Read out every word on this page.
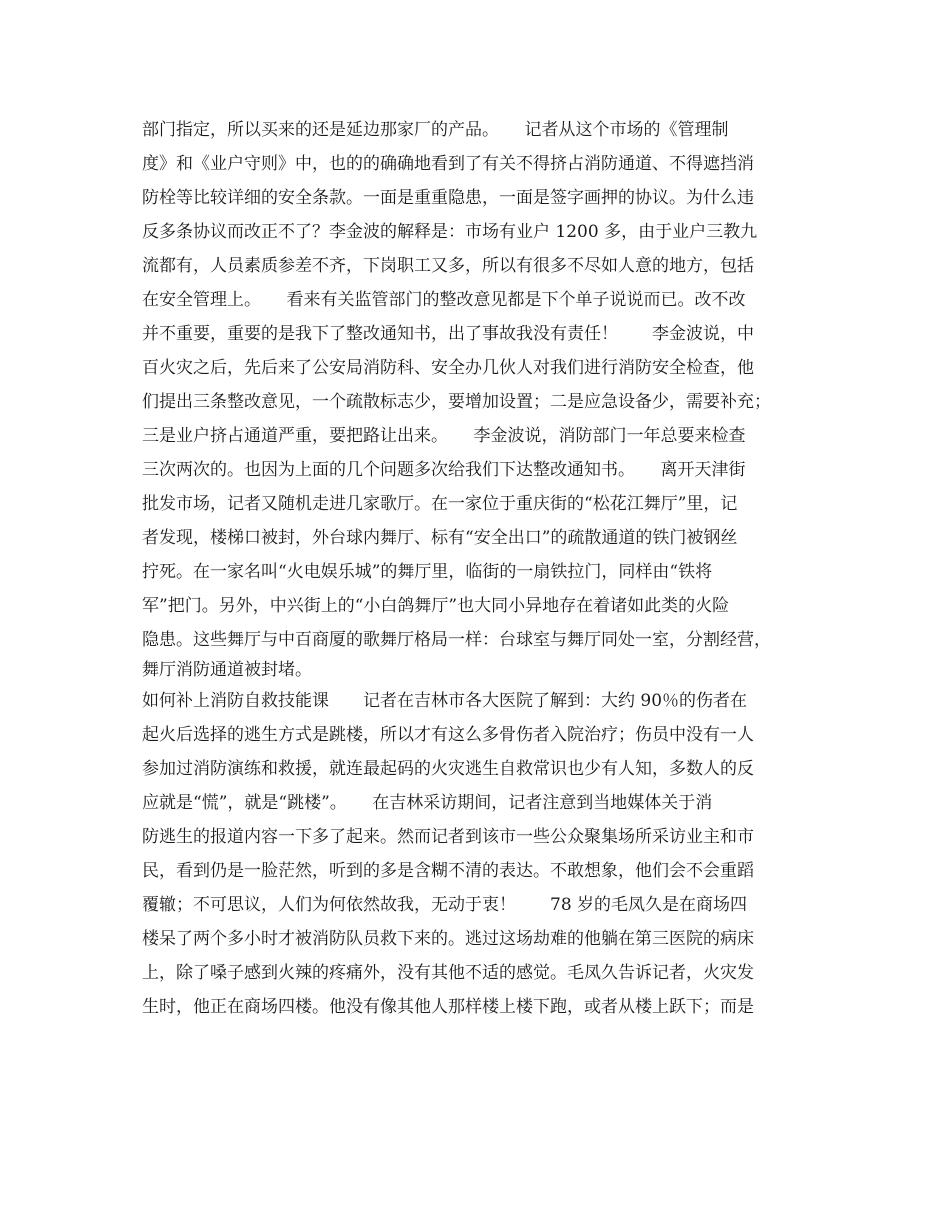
部门指定，所以买来的还是延边那家厂的产品。　　记者从这个市场的《管理制
度》和《业户守则》中，也的的确确地看到了有关不得挤占消防通道、不得遮挡消
防栓等比较详细的安全条款。一面是重重隐患，一面是签字画押的协议。为什么违
反多条协议而改正不了？李金波的解释是：市场有业户 1200 多，由于业户三教九
流都有，人员素质参差不齐，下岗职工又多，所以有很多不尽如人意的地方，包括
在安全管理上。　　看来有关监管部门的整改意见都是下个单子说说而已。改不改
并不重要，重要的是我下了整改通知书，出了事故我没有责任！　　李金波说，中
百火灾之后，先后来了公安局消防科、安全办几伙人对我们进行消防安全检查，他
们提出三条整改意见，一个疏散标志少，要增加设置；二是应急设备少，需要补充；
三是业户挤占通道严重，要把路让出来。　　李金波说，消防部门一年总要来检查
三次两次的。也因为上面的几个问题多次给我们下达整改通知书。　　离开天津街
批发市场，记者又随机走进几家歌厅。在一家位于重庆街的“松花江舞厅”里，记
者发现，楼梯口被封，外台球内舞厅、标有“安全出口”的疏散通道的铁门被钢丝
拧死。在一家名叫“火电娱乐城”的舞厅里，临街的一扇铁拉门，同样由“铁将
军”把门。另外，中兴街上的“小白鸽舞厅”也大同小异地存在着诸如此类的火险
隐患。这些舞厅与中百商厦的歌舞厅格局一样：台球室与舞厅同处一室，分割经营，
舞厅消防通道被封堵。
如何补上消防自救技能课　　记者在吉林市各大医院了解到：大约 90％的伤者在
起火后选择的逃生方式是跳楼，所以才有这么多骨伤者入院治疗；伤员中没有一人
参加过消防演练和救援，就连最起码的火灾逃生自救常识也少有人知，多数人的反
应就是“慌”，就是“跳楼”。　　在吉林采访期间，记者注意到当地媒体关于消
防逃生的报道内容一下多了起来。然而记者到该市一些公众聚集场所采访业主和市
民，看到仍是一脸茫然，听到的多是含糊不清的表达。不敢想象，他们会不会重蹈
覆辙；不可思议，人们为何依然故我，无动于衷！　　78 岁的毛凤久是在商场四
楼呆了两个多小时才被消防队员救下来的。逃过这场劫难的他躺在第三医院的病床
上，除了嗓子感到火辣的疼痛外，没有其他不适的感觉。毛凤久告诉记者，火灾发
生时，他正在商场四楼。他没有像其他人那样楼上楼下跑，或者从楼上跃下；而是
